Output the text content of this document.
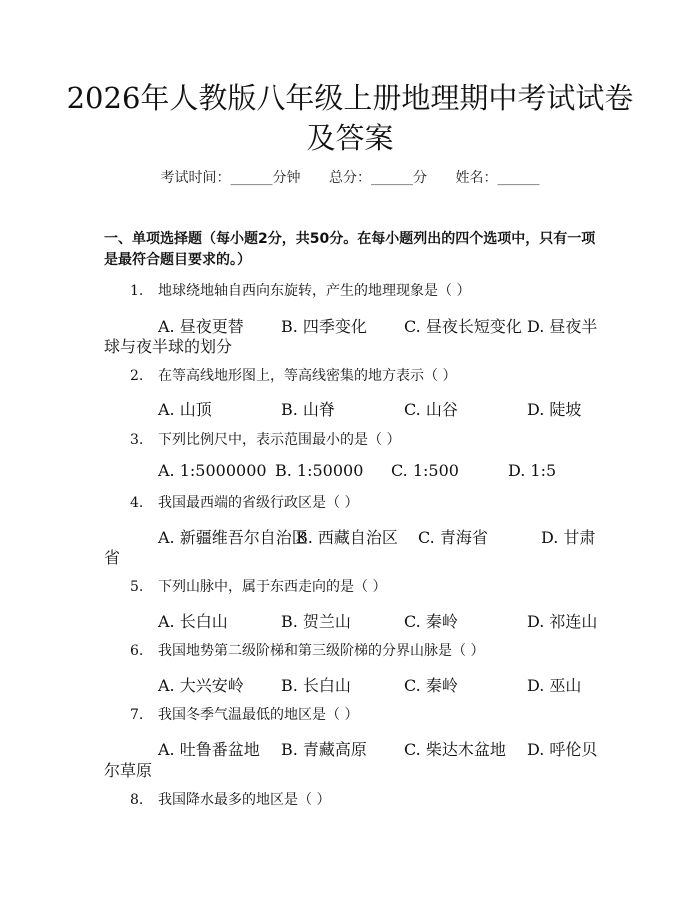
2026年人教版八年级上册地理期中考试试卷
及答案
考试时间：______分钟 总分：______分 姓名：______
一、单项选择题（每小题2分，共50分。在每小题列出的四个选项中，只有一项是最符合题目要求的。）
1. 地球绕地轴自西向东旋转，产生的地理现象是（ ）
A. 昼夜更替 B. 四季变化 C. 昼夜长短变化 D. 昼夜半
球与夜半球的划分
2. 在等高线地形图上，等高线密集的地方表示（ ）
A. 山顶	B. 山脊	C. 山谷	D. 陡坡
3. 下列比例尺中，表示范围最小的是（ ）
A. 1:5000000 B. 1:50000 C. 1:500	D. 1:5
4. 我国最西端的省级行政区是（ ）
A. 新疆维吾尔自治区
B. 西藏自治区 C. 青海省	D. 甘肃
省
5. 下列山脉中，属于东西走向的是（ ）
A. 长白山	B. 贺兰山	C. 秦岭	D. 祁连山
6. 我国地势第二级阶梯和第三级阶梯的分界山脉是（ ）
A. 大兴安岭 B. 长白山	C. 秦岭	D. 巫山
7. 我国冬季气温最低的地区是（ ）
A. 吐鲁番盆地 B. 青藏高原 C. 柴达木盆地 D. 呼伦贝
尔草原
8. 我国降水最多的地区是（ ）
